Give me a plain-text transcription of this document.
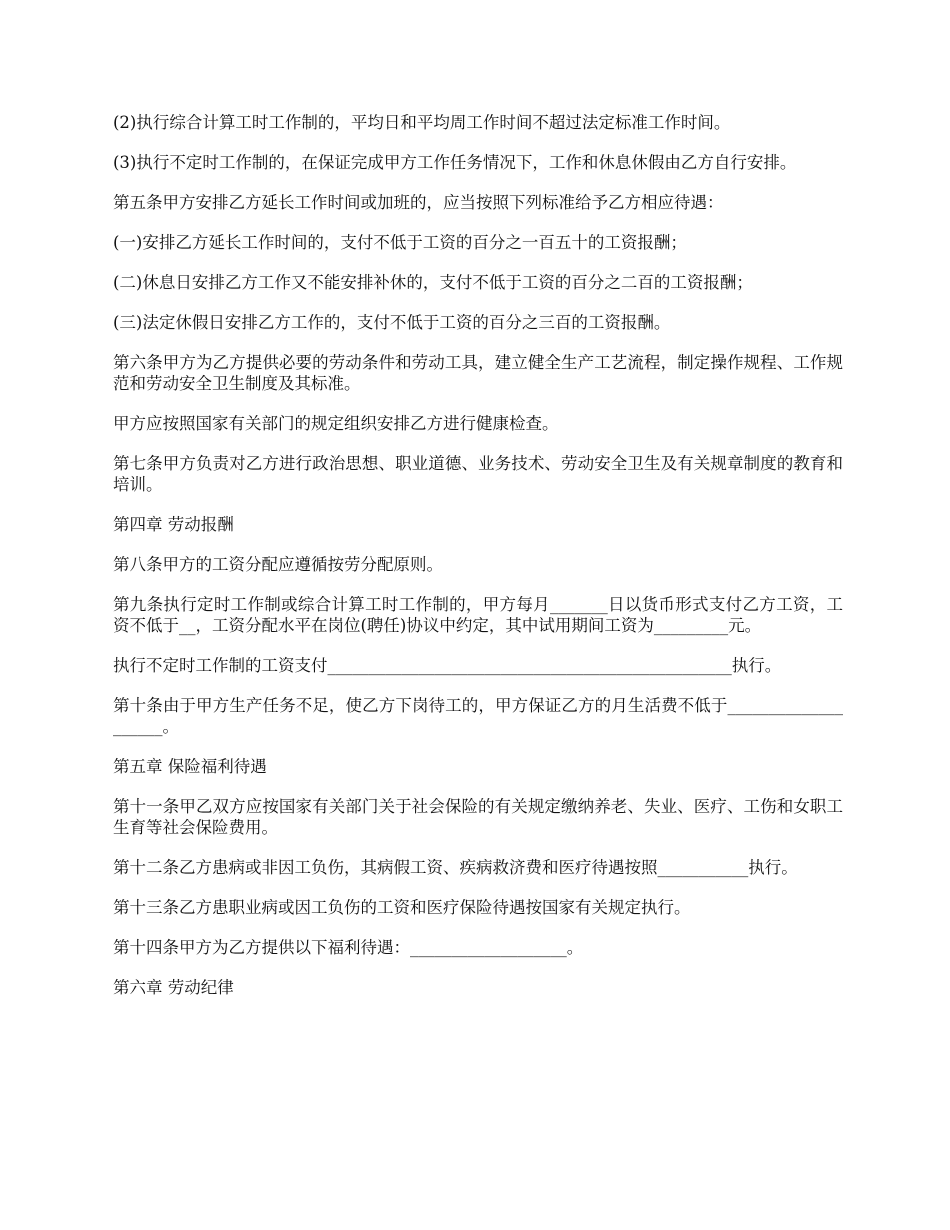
(2)执行综合计算工时工作制的，平均日和平均周工作时间不超过法定标准工作时间。

(3)执行不定时工作制的，在保证完成甲方工作任务情况下，工作和休息休假由乙方自行安排。

第五条甲方安排乙方延长工作时间或加班的，应当按照下列标准给予乙方相应待遇：

(一)安排乙方延长工作时间的，支付不低于工资的百分之一百五十的工资报酬；

(二)休息日安排乙方工作又不能安排补休的，支付不低于工资的百分之二百的工资报酬；

(三)法定休假日安排乙方工作的，支付不低于工资的百分之三百的工资报酬。

第六条甲方为乙方提供必要的劳动条件和劳动工具，建立健全生产工艺流程，制定操作规程、工作规范和劳动安全卫生制度及其标准。

甲方应按照国家有关部门的规定组织安排乙方进行健康检查。

第七条甲方负责对乙方进行政治思想、职业道德、业务技术、劳动安全卫生及有关规章制度的教育和培训。

第四章 劳动报酬

第八条甲方的工资分配应遵循按劳分配原则。

第九条执行定时工作制或综合计算工时工作制的，甲方每月_______日以货币形式支付乙方工资，工资不低于__，工资分配水平在岗位(聘任)协议中约定，其中试用期间工资为_________元。

执行不定时工作制的工资支付_________________________________________________执行。

第十条由于甲方生产任务不足，使乙方下岗待工的，甲方保证乙方的月生活费不低于____________________。

第五章 保险福利待遇

第十一条甲乙双方应按国家有关部门关于社会保险的有关规定缴纳养老、失业、医疗、工伤和女职工生育等社会保险费用。

第十二条乙方患病或非因工负伤，其病假工资、疾病救济费和医疗待遇按照___________执行。

第十三条乙方患职业病或因工负伤的工资和医疗保险待遇按国家有关规定执行。

第十四条甲方为乙方提供以下福利待遇：___________________。

第六章 劳动纪律
